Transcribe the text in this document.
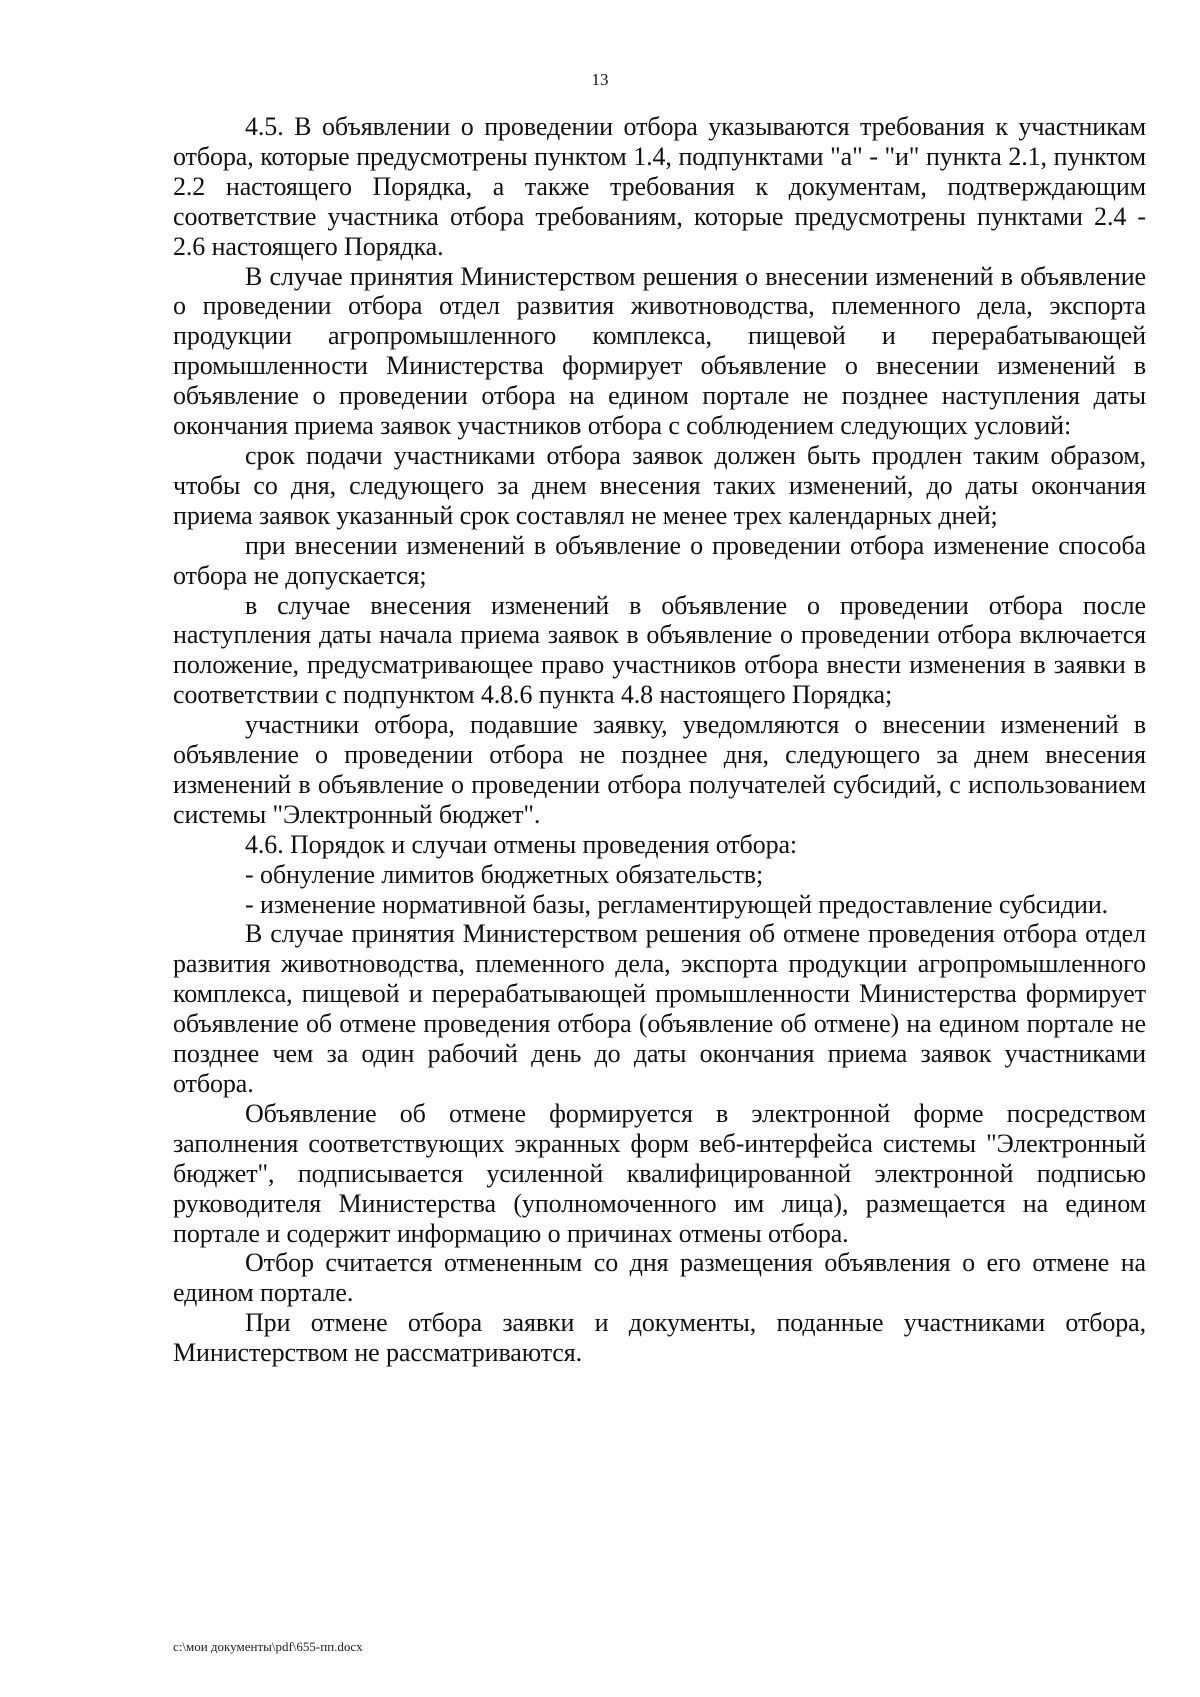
13

4.5. В объявлении о проведении отбора указываются требования к участникам отбора, которые предусмотрены пунктом 1.4, подпунктами "а" - "и" пункта 2.1, пунктом 2.2 настоящего Порядка, а также требования к документам, подтверждающим соответствие участника отбора требованиям, которые предусмотрены пунктами 2.4 - 2.6 настоящего Порядка.

В случае принятия Министерством решения о внесении изменений в объявление о проведении отбора отдел развития животноводства, племенного дела, экспорта продукции агропромышленного комплекса, пищевой и перерабатывающей промышленности Министерства формирует объявление о внесении изменений в объявление о проведении отбора на едином портале не позднее наступления даты окончания приема заявок участников отбора с соблюдением следующих условий:

срок подачи участниками отбора заявок должен быть продлен таким образом, чтобы со дня, следующего за днем внесения таких изменений, до даты окончания приема заявок указанный срок составлял не менее трех календарных дней;

при внесении изменений в объявление о проведении отбора изменение способа отбора не допускается;

в случае внесения изменений в объявление о проведении отбора после наступления даты начала приема заявок в объявление о проведении отбора включается положение, предусматривающее право участников отбора внести изменения в заявки в соответствии с подпунктом 4.8.6 пункта 4.8 настоящего Порядка;

участники отбора, подавшие заявку, уведомляются о внесении изменений в объявление о проведении отбора не позднее дня, следующего за днем внесения изменений в объявление о проведении отбора получателей субсидий, с использованием системы "Электронный бюджет".

4.6. Порядок и случаи отмены проведения отбора:

- обнуление лимитов бюджетных обязательств;

- изменение нормативной базы, регламентирующей предоставление субсидии.

В случае принятия Министерством решения об отмене проведения отбора отдел развития животноводства, племенного дела, экспорта продукции агропромышленного комплекса, пищевой и перерабатывающей промышленности Министерства формирует объявление об отмене проведения отбора (объявление об отмене) на едином портале не позднее чем за один рабочий день до даты окончания приема заявок участниками отбора.

Объявление об отмене формируется в электронной форме посредством заполнения соответствующих экранных форм веб-интерфейса системы "Электронный бюджет", подписывается усиленной квалифицированной электронной подписью руководителя Министерства (уполномоченного им лица), размещается на едином портале и содержит информацию о причинах отмены отбора.

Отбор считается отмененным со дня размещения объявления о его отмене на едином портале.

При отмене отбора заявки и документы, поданные участниками отбора, Министерством не рассматриваются.

c:\мои документы\pdf\655-пп.docx
